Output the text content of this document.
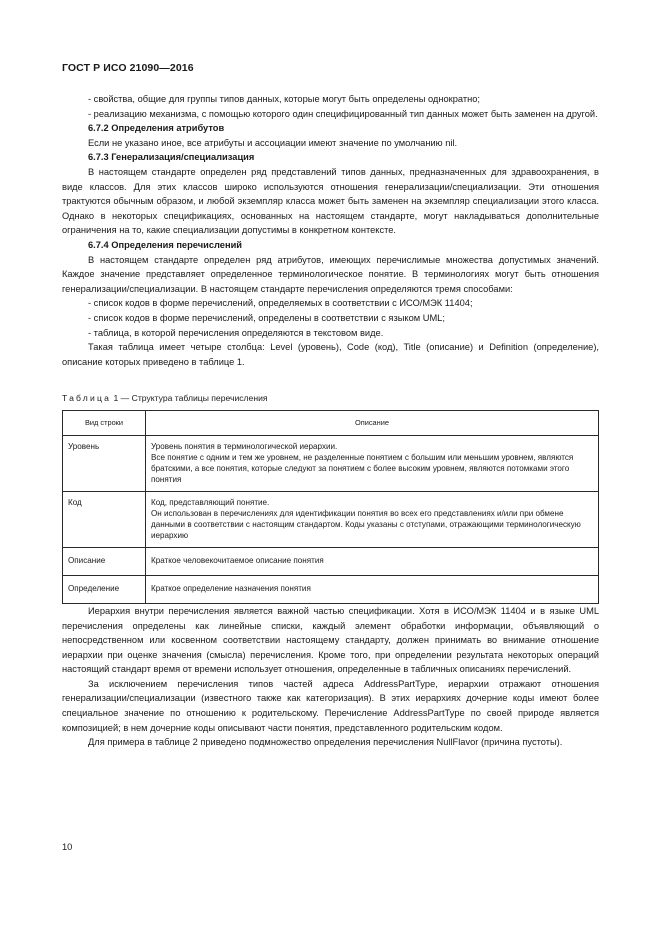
ГОСТ Р ИСО 21090—2016

- свойства, общие для группы типов данных, которые могут быть определены однократно;

- реализацию механизма, с помощью которого один специфицированный тип данных может быть заменен на другой.

6.7.2 Определения атрибутов

Если не указано иное, все атрибуты и ассоциации имеют значение по умолчанию nil.

6.7.3 Генерализация/специализация

В настоящем стандарте определен ряд представлений типов данных, предназначенных для здравоохранения, в виде классов. Для этих классов широко используются отношения генерализации/специализации. Эти отношения трактуются обычным образом, и любой экземпляр класса может быть заменен на экземпляр специализации этого класса. Однако в некоторых спецификациях, основанных на настоящем стандарте, могут накладываться дополнительные ограничения на то, какие специализации допустимы в конкретном контексте.

6.7.4 Определения перечислений

В настоящем стандарте определен ряд атрибутов, имеющих перечислимые множества допустимых значений. Каждое значение представляет определенное терминологическое понятие. В терминологиях могут быть отношения генерализации/специализации. В настоящем стандарте перечисления определяются тремя способами:

- список кодов в форме перечислений, определяемых в соответствии с ИСО/МЭК 11404;

- список кодов в форме перечислений, определены в соответствии с языком UML;

- таблица, в которой перечисления определяются в текстовом виде.

Такая таблица имеет четыре столбца: Level (уровень), Code (код), Title (описание) и Definition (определение), описание которых приведено в таблице 1.

Таблица 1 — Структура таблицы перечисления

Вид строки	Описание
Уровень	Уровень понятия в терминологической иерархии.
Все понятие с одним и тем же уровнем, не разделенные понятием с большим или меньшим уровнем, являются братскими, а все понятия, которые следуют за понятием с более высоким уровнем, являются потомками этого понятия

Код	Код, представляющий понятие.
Он использован в перечислениях для идентификации понятия во всех его представлениях и/или при обмене данными в соответствии с настоящим стандартом. Коды указаны с отступами, отражающими терминологическую иерархию

Описание	Краткое человекочитаемое описание понятия

Определение	Краткое определение назначения понятия

Иерархия внутри перечисления является важной частью спецификации. Хотя в ИСО/МЭК 11404 и в языке UML перечисления определены как линейные списки, каждый элемент обработки информации, объявляющий о непосредственном или косвенном соответствии настоящему стандарту, должен принимать во внимание отношение иерархии при оценке значения (смысла) перечисления. Кроме того, при определении результата некоторых операций настоящий стандарт время от времени использует отношения, определенные в табличных описаниях перечислений.

За исключением перечисления типов частей адреса AddressPartType, иерархии отражают отношения генерализации/специализации (известного также как категоризация). В этих иерархиях дочерние коды имеют более специальное значение по отношению к родительскому. Перечисление AddressPartType по своей природе является композицией; в нем дочерние коды описывают части понятия, представленного родительским кодом.

Для примера в таблице 2 приведено подмножество определения перечисления NullFlavor (причина пустоты).

10
